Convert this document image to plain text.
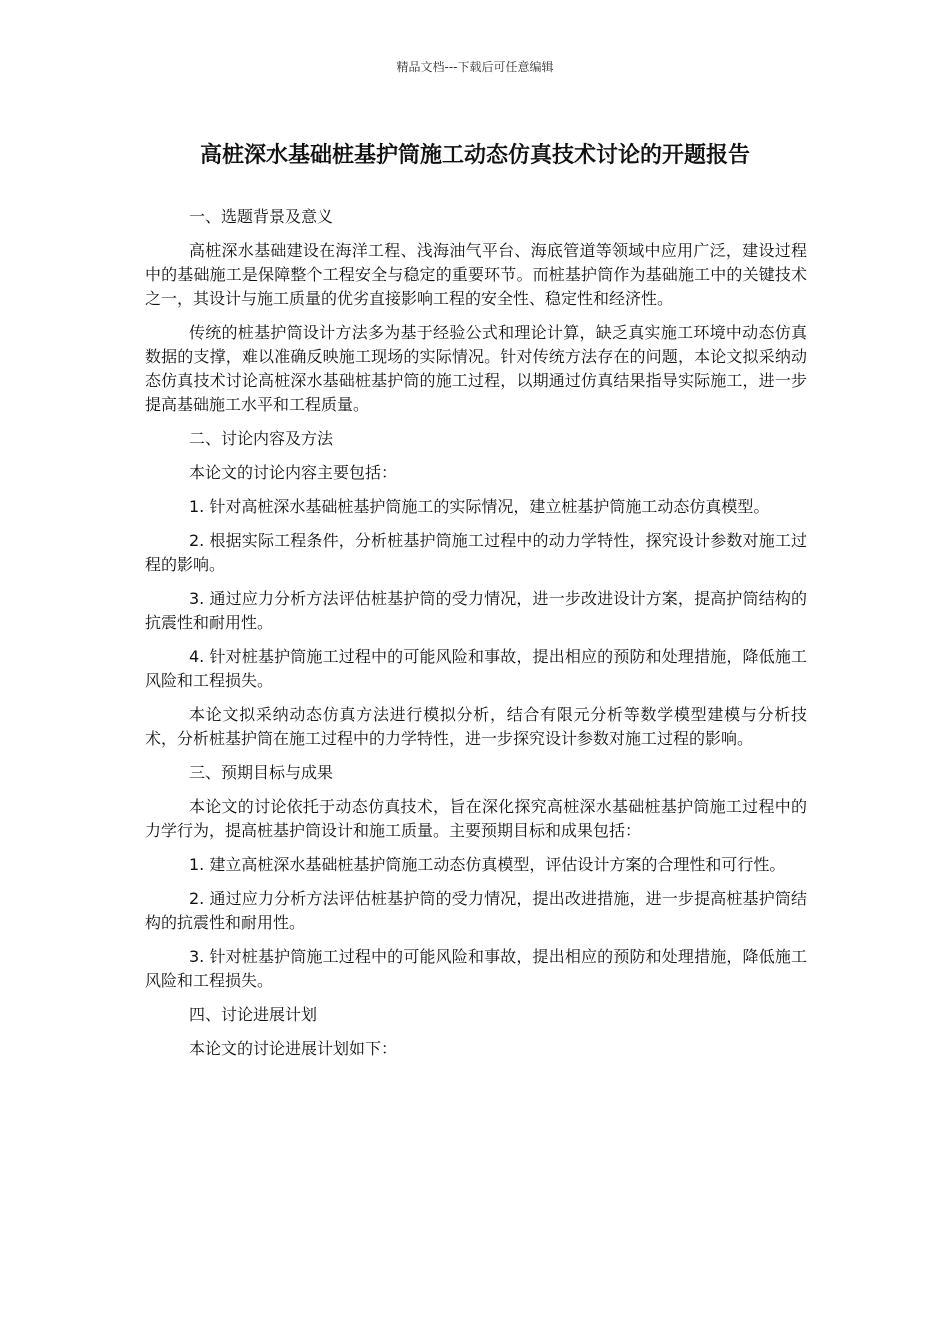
精品文档---下载后可任意编辑
高桩深水基础桩基护筒施工动态仿真技术讨论的开题报告
一、选题背景及意义
高桩深水基础建设在海洋工程、浅海油气平台、海底管道等领域中应用广泛，建设过程中的基础施工是保障整个工程安全与稳定的重要环节。而桩基护筒作为基础施工中的关键技术之一，其设计与施工质量的优劣直接影响工程的安全性、稳定性和经济性。
传统的桩基护筒设计方法多为基于经验公式和理论计算，缺乏真实施工环境中动态仿真数据的支撑，难以准确反映施工现场的实际情况。针对传统方法存在的问题，本论文拟采纳动态仿真技术讨论高桩深水基础桩基护筒的施工过程，以期通过仿真结果指导实际施工，进一步提高基础施工水平和工程质量。
二、讨论内容及方法
本论文的讨论内容主要包括：
1. 针对高桩深水基础桩基护筒施工的实际情况，建立桩基护筒施工动态仿真模型。
2. 根据实际工程条件，分析桩基护筒施工过程中的动力学特性，探究设计参数对施工过程的影响。
3. 通过应力分析方法评估桩基护筒的受力情况，进一步改进设计方案，提高护筒结构的抗震性和耐用性。
4. 针对桩基护筒施工过程中的可能风险和事故，提出相应的预防和处理措施，降低施工风险和工程损失。
本论文拟采纳动态仿真方法进行模拟分析，结合有限元分析等数学模型建模与分析技术，分析桩基护筒在施工过程中的力学特性，进一步探究设计参数对施工过程的影响。
三、预期目标与成果
本论文的讨论依托于动态仿真技术，旨在深化探究高桩深水基础桩基护筒施工过程中的力学行为，提高桩基护筒设计和施工质量。主要预期目标和成果包括：
1. 建立高桩深水基础桩基护筒施工动态仿真模型，评估设计方案的合理性和可行性。
2. 通过应力分析方法评估桩基护筒的受力情况，提出改进措施，进一步提高桩基护筒结构的抗震性和耐用性。
3. 针对桩基护筒施工过程中的可能风险和事故，提出相应的预防和处理措施，降低施工风险和工程损失。
四、讨论进展计划
本论文的讨论进展计划如下：
